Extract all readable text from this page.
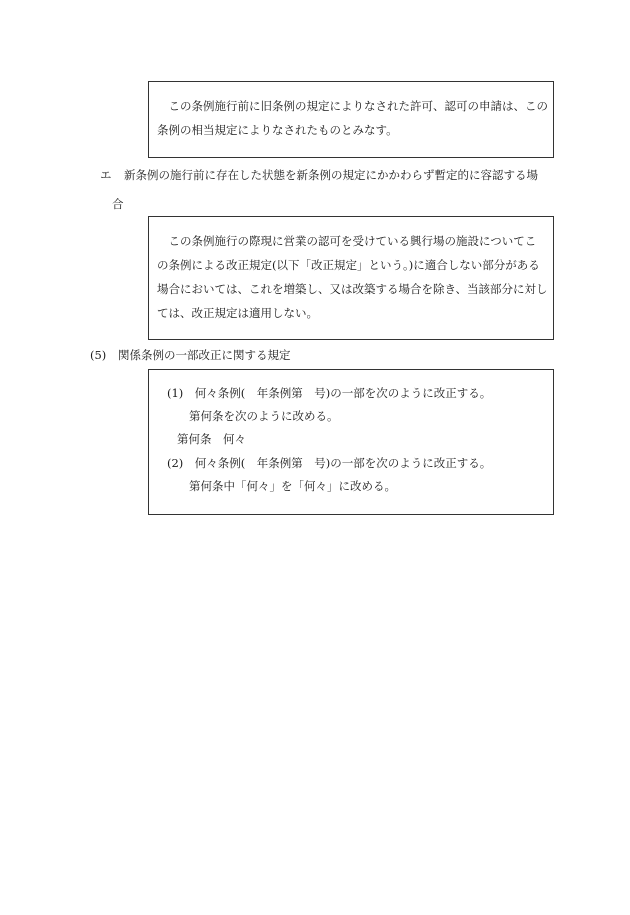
この条例施行前に旧条例の規定によりなされた許可、認可の申請は、この
条例の相当規定によりなされたものとみなす。
エ 新条例の施行前に存在した状態を新条例の規定にかかわらず暫定的に容認する場
合
この条例施行の際現に営業の認可を受けている興行場の施設についてこ
の条例による改正規定(以下「改正規定」という。)に適合しない部分がある
場合においては、これを増築し、又は改築する場合を除き、当該部分に対し
ては、改正規定は適用しない。
(5) 関係条例の一部改正に関する規定
(1)　何々条例(　年条例第　号)の一部を次のように改正する。
第何条を次のように改める。
第何条　何々
(2)　何々条例(　年条例第　号)の一部を次のように改正する。
第何条中「何々」を「何々」に改める。
